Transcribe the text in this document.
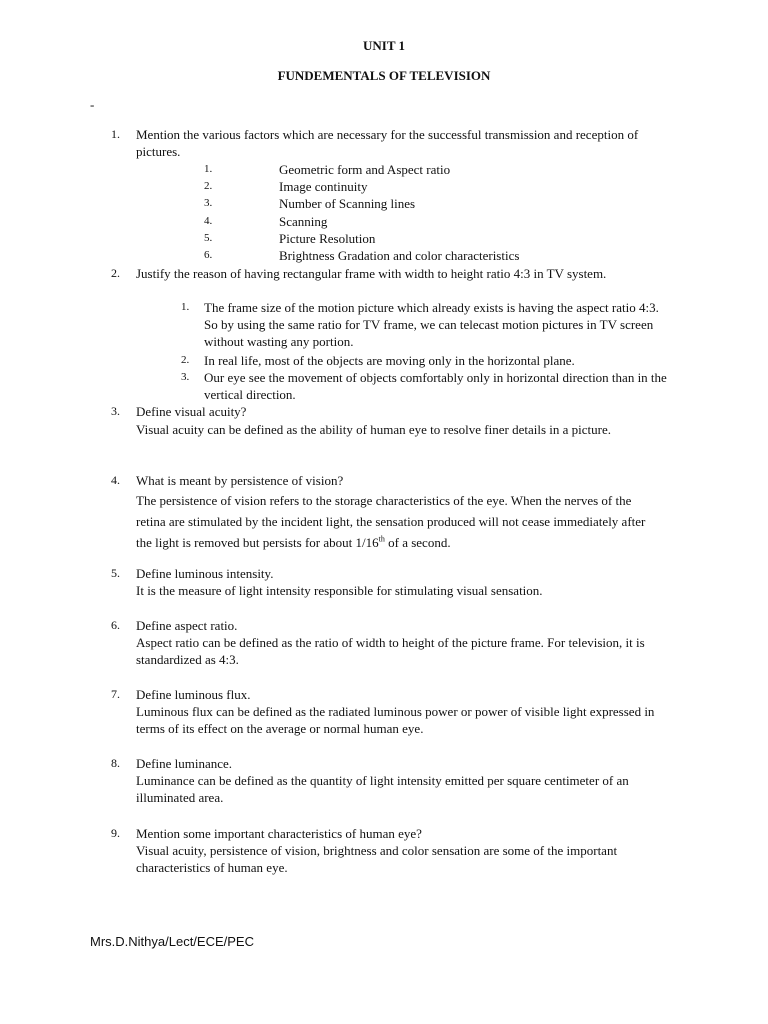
UNIT 1

FUNDEMENTALS OF TELEVISION

-
1.	Mention the various factors which are necessary for the successful transmission and reception of pictures.
1.	Geometric form and Aspect ratio
2.	Image continuity
3.	Number of Scanning lines
4.	Scanning
5.	Picture Resolution
6.	Brightness Gradation and color characteristics
2.	Justify the reason of having rectangular frame with width to height ratio 4:3 in TV system.
1. The frame size of the motion picture which already exists is having the aspect ratio 4:3. So by using the same ratio for TV frame, we can telecast motion pictures in TV screen without wasting any portion.
2. In real life, most of the objects are moving only in the horizontal plane.
3. Our eye see the movement of objects comfortably only in horizontal direction than in the vertical direction.
3.	Define visual acuity?
Visual acuity can be defined as the ability of human eye to resolve finer details in a picture.
4.	What is meant by persistence of vision?
The persistence of vision refers to the storage characteristics of the eye. When the nerves of the retina are stimulated by the incident light, the sensation produced will not cease immediately after the light is removed but persists for about 1/16th of a second.
5.	Define luminous intensity.
It is the measure of light intensity responsible for stimulating visual sensation.
6.	Define aspect ratio.
Aspect ratio can be defined as the ratio of width to height of the picture frame. For television, it is standardized as 4:3.
7.	Define luminous flux.
Luminous flux can be defined as the radiated luminous power or power of visible light expressed in terms of its effect on the average or normal human eye.
8.	Define luminance.
Luminance can be defined as the quantity of light intensity emitted per square centimeter of an illuminated area.
9.	Mention some important characteristics of human eye?
Visual acuity, persistence of vision, brightness and color sensation are some of the important characteristics of human eye.
Mrs.D.Nithya/Lect/ECE/PEC
